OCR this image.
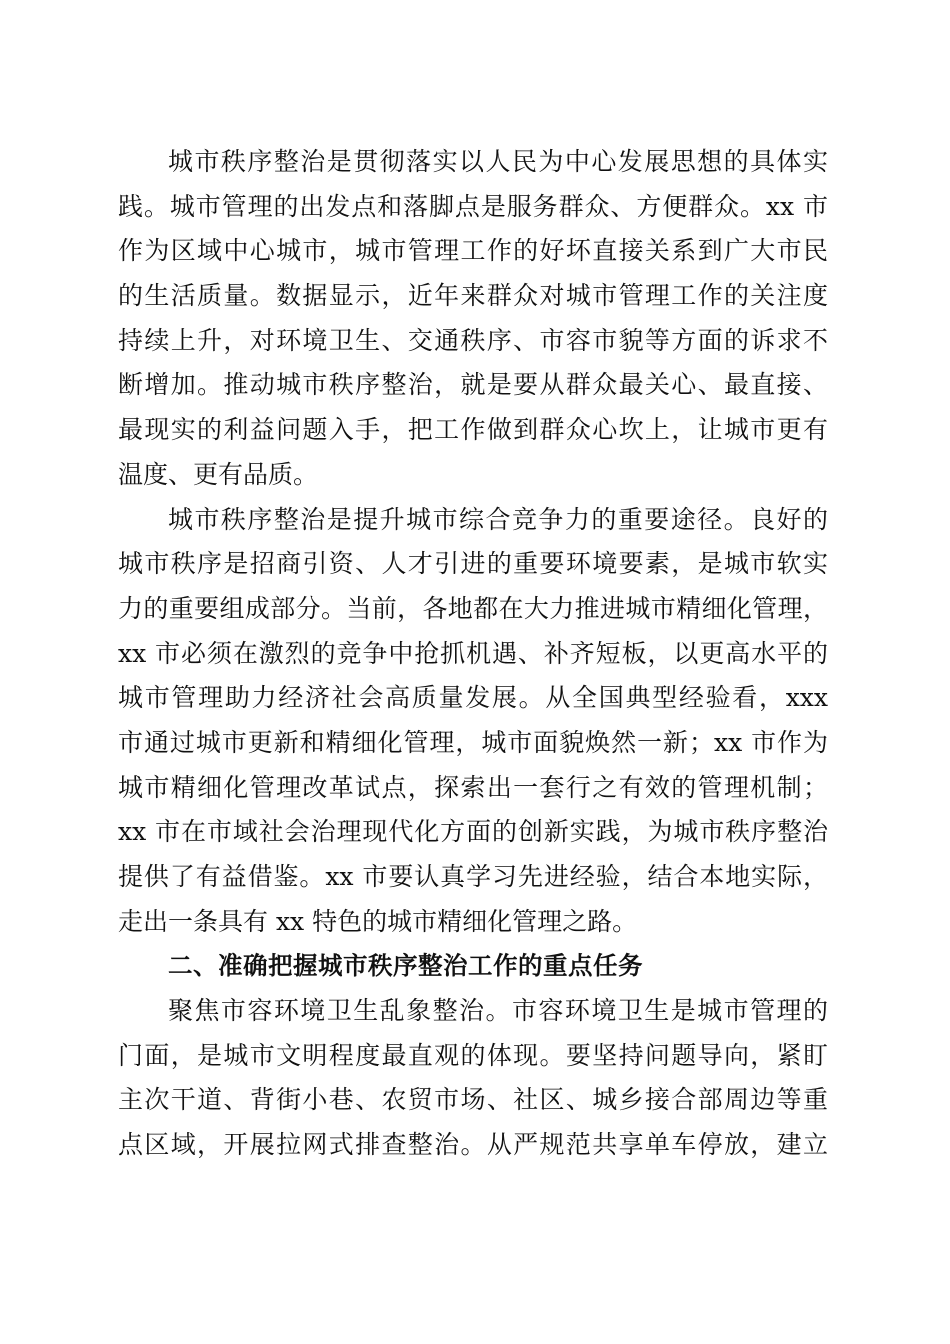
城市秩序整治是贯彻落实以人民为中心发展思想的具体实
践。城市管理的出发点和落脚点是服务群众、方便群众。xx 市
作为区域中心城市，城市管理工作的好坏直接关系到广大市民
的生活质量。数据显示，近年来群众对城市管理工作的关注度
持续上升，对环境卫生、交通秩序、市容市貌等方面的诉求不
断增加。推动城市秩序整治，就是要从群众最关心、最直接、
最现实的利益问题入手，把工作做到群众心坎上，让城市更有
温度、更有品质。
城市秩序整治是提升城市综合竞争力的重要途径。良好的
城市秩序是招商引资、人才引进的重要环境要素，是城市软实
力的重要组成部分。当前，各地都在大力推进城市精细化管理，
xx 市必须在激烈的竞争中抢抓机遇、补齐短板，以更高水平的
城市管理助力经济社会高质量发展。从全国典型经验看，xxx
市通过城市更新和精细化管理，城市面貌焕然一新；xx 市作为
城市精细化管理改革试点，探索出一套行之有效的管理机制；
xx 市在市域社会治理现代化方面的创新实践，为城市秩序整治
提供了有益借鉴。xx 市要认真学习先进经验，结合本地实际，
走出一条具有 xx 特色的城市精细化管理之路。
二、准确把握城市秩序整治工作的重点任务
聚焦市容环境卫生乱象整治。市容环境卫生是城市管理的
门面，是城市文明程度最直观的体现。要坚持问题导向，紧盯
主次干道、背街小巷、农贸市场、社区、城乡接合部周边等重
点区域，开展拉网式排查整治。从严规范共享单车停放，建立
